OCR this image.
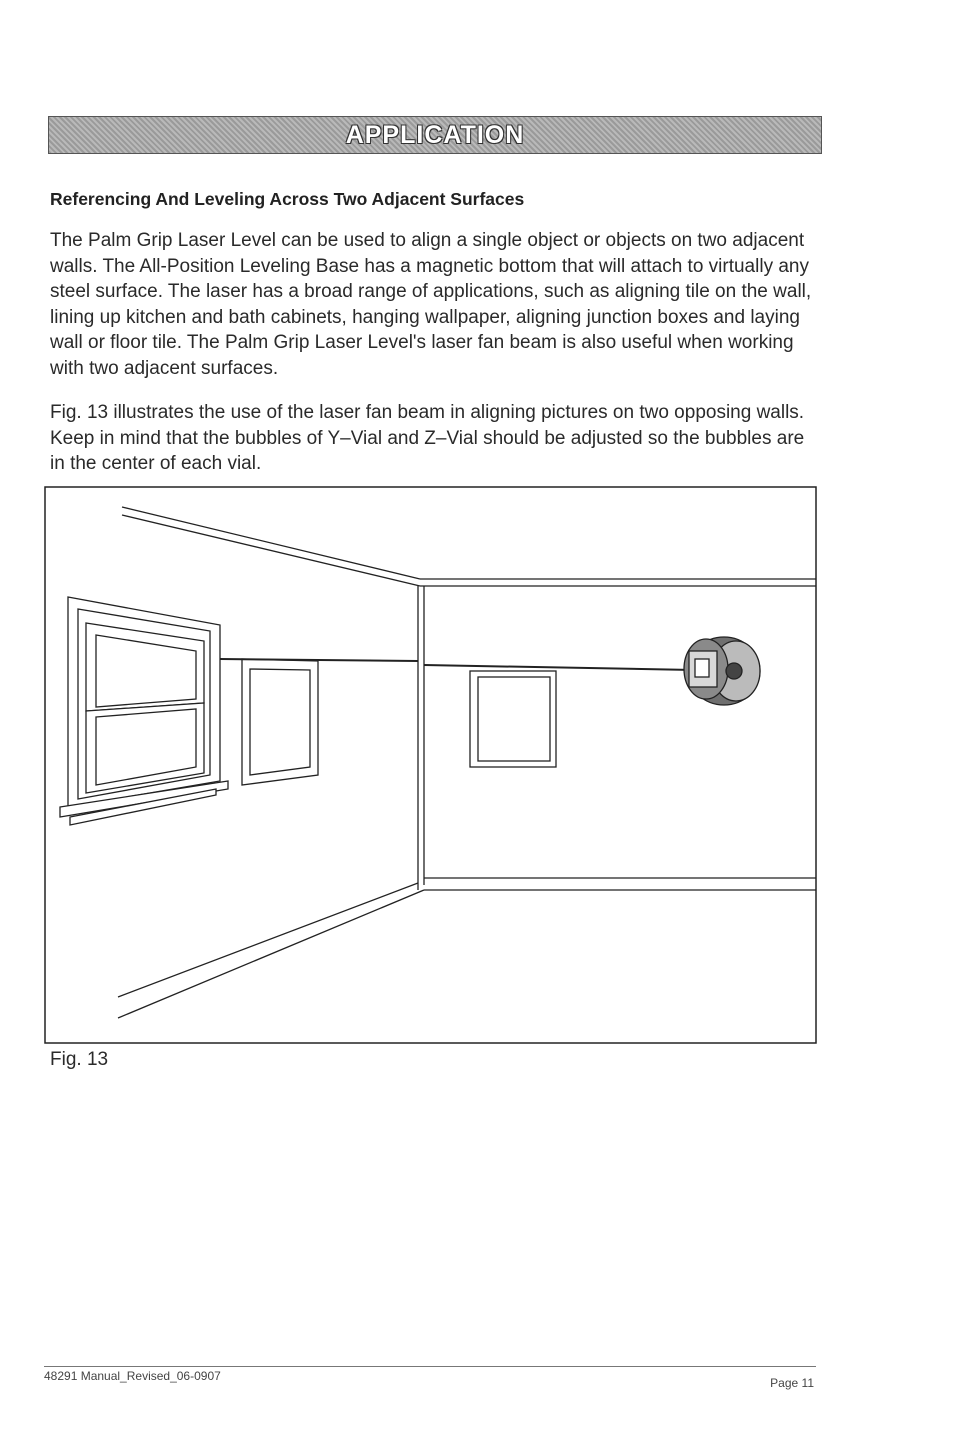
APPLICATION
Referencing And Leveling Across Two Adjacent Surfaces

The Palm Grip Laser Level can be used to align a single object or objects on two adjacent walls. The All-Position Leveling Base has a magnetic bottom that will attach to virtually any steel surface. The laser has a broad range of applications, such as aligning tile on the wall, lining up kitchen and bath cabinets, hanging wallpaper, aligning junction boxes and laying wall or floor tile. The Palm Grip Laser Level's laser fan beam is also useful when working with two adjacent surfaces.

Fig. 13 illustrates the use of the laser fan beam in aligning pictures on two opposing walls. Keep in mind that the bubbles of Y–Vial and Z–Vial should be adjusted so the bubbles are in the center of each vial.

Fig. 13
48291 Manual_Revised_06-0907	Page 11
